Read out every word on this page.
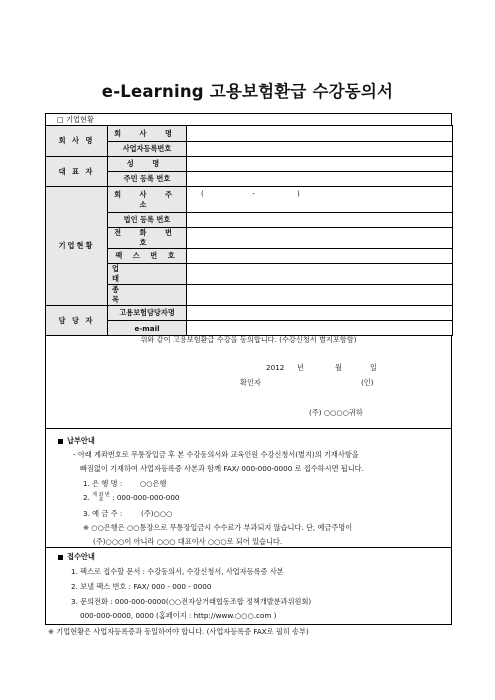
e-Learning 고용보험환급 수강동의서
□ 기업현황
회 사 명	회 사 명	
	사업자등록번호	
대 표 자	성 명	
	주민 등록 번호	
기업현황	회 사 주 소	( - )
	법인 등록 번호	
	전 화 번 호	
	팩 스 번 호	
	업 태	
	종 목	
담 당 자	고용보험담당자명	
	e-mail	
위와 같이 고용보험환급 수강을 동의합니다. (수강신청서 별지포함함)
2012 년	월	일
확인자	(인)
(주) ○○○○귀하
납부안내
- 아래 계좌번호로 무통장입금 후 본 수강동의서와 교육인원 수강신청서(별지)의 기재사항을
빠짐없이 기재하여 사업자등록증 사본과 함께 FAX/ 000-000-0000 로 접수하시면 됩니다.
1. 은 행 명 : ○○은행
2. 계 좌 번
호 : 000-000-000-000
3. 예 금 주 :	(주)○○○
※ ○○은행은 ○○통장으로 무통장입금시 수수료가 부과되지 않습니다. 단, 예금주명이
(주)○○○이 아니라 ○○○ 대표이사 ○○○로 되어 있습니다.
접수안내
1. 팩스로 접수할 문서 : 수강동의서, 수강신청서, 사업자등록증 사본
2. 보낼 팩스 번호 : FAX/ 000 - 000 - 0000
3. 문의전화 : 000-000-0000(○○전자상거래협동조합 정책개발분과위원회)
000-000-0000, 0000 (홈페이지 : http://www.○○○.com )
※ 기업현황은 사업자등록증과 동일하여야 합니다. (사업자등록증 FAX로 필히 송부)
